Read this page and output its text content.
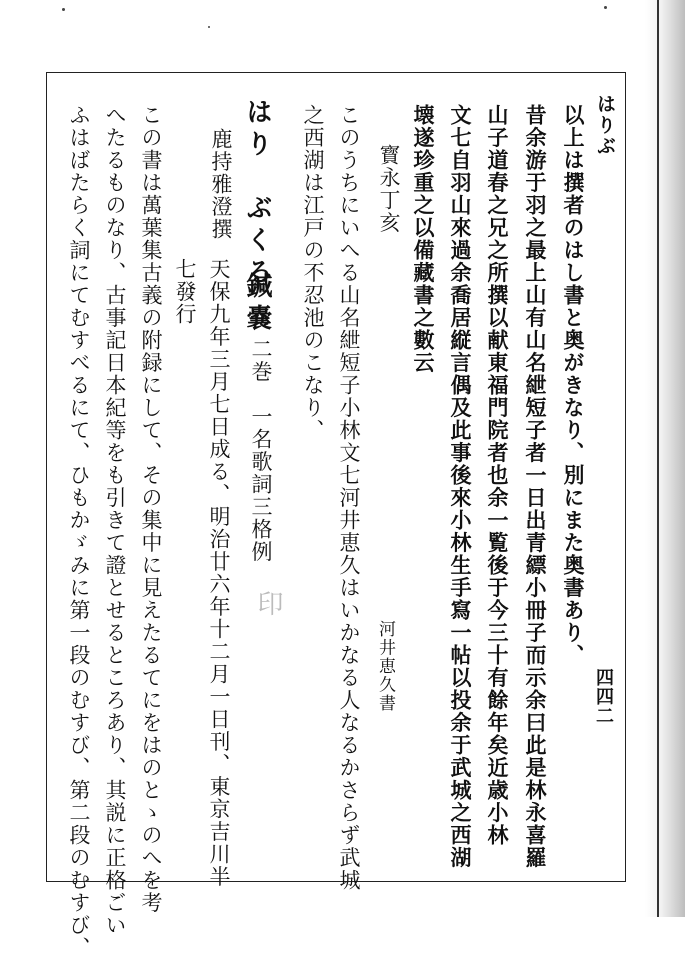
はりぶ
四四二
以上は撰者のはし書と奥がきなり、別にまた奥書あり、
昔余游于羽之最上山有山名紲短子者一日出青縹小冊子而示余曰此是林永喜羅
山子道春之兄之所撰以献東福門院者也余一覧後于今三十有餘年矣近歳小林
文七自羽山來過余喬居縦言偶及此事後來小林生手寫一帖以投余于武城之西湖
壊遂珍重之以備藏書之數云
寳永丁亥
河井恵久書
このうちにいへる山名紲短子小林文七河井恵久はいかなる人なるかさらず武城
之西湖は江戸の不忍池のこなり、
はり　ぶくろ
鍼嚢
二巻　一名歌詞三格例
鹿持雅澄撰
天保九年三月七日成る、明治廿六年十二月一日刊、東京吉川半
七發行
印
この書は萬葉集古義の附録にして、その集中に見えたるてにをはのとゝのへを考
へたるものなり、古事記日本紀等をも引きて證とせるところあり、其説に正格ごい
ふはばたらく詞にてむすべるにて、ひもかゞみに第一段のむすび、第二段のむすび、
